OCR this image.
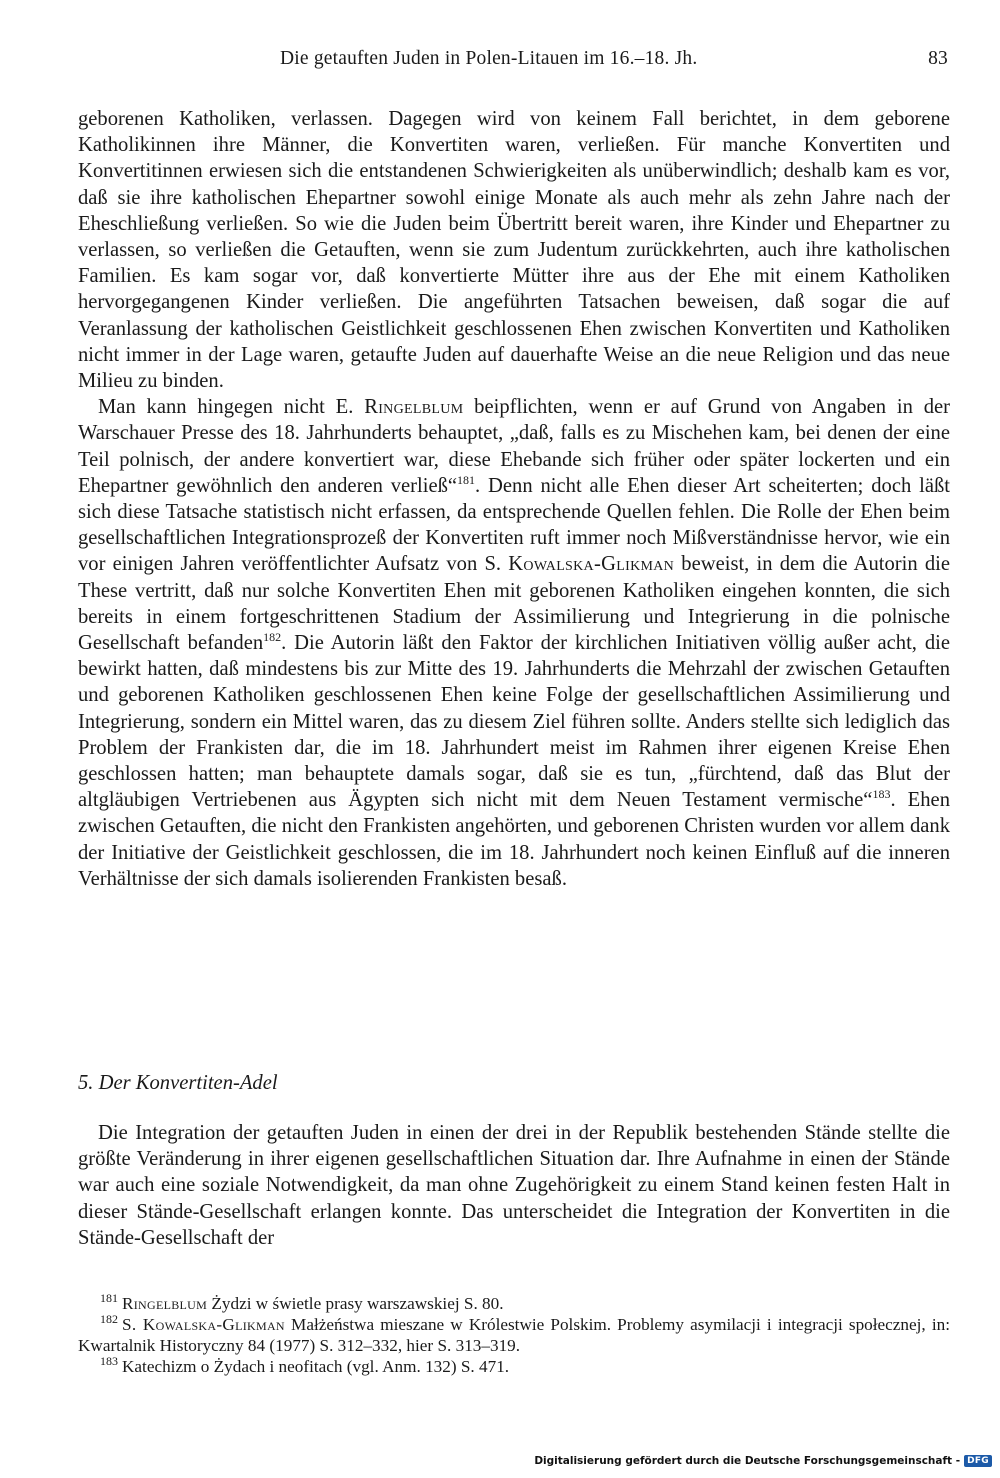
Die getauften Juden in Polen-Litauen im 16.–18. Jh.	83

geborenen Katholiken, verlassen. Dagegen wird von keinem Fall berichtet, in dem geborene Katholikinnen ihre Männer, die Konvertiten waren, verließen. Für manche Konvertiten und Konvertitinnen erwiesen sich die entstandenen Schwierigkeiten als unüberwindlich; deshalb kam es vor, daß sie ihre katholischen Ehepartner sowohl einige Monate als auch mehr als zehn Jahre nach der Eheschließung verließen. So wie die Juden beim Übertritt bereit waren, ihre Kinder und Ehepartner zu verlassen, so verließen die Getauften, wenn sie zum Judentum zurückkehrten, auch ihre katholischen Familien. Es kam sogar vor, daß konvertierte Mütter ihre aus der Ehe mit einem Katholiken hervorgegangenen Kinder verließen. Die angeführten Tatsachen beweisen, daß sogar die auf Veranlassung der katholischen Geistlichkeit geschlossenen Ehen zwischen Konvertiten und Katholiken nicht immer in der Lage waren, getaufte Juden auf dauerhafte Weise an die neue Religion und das neue Milieu zu binden.

Man kann hingegen nicht E. Ringelblum beipflichten, wenn er auf Grund von Angaben in der Warschauer Presse des 18. Jahrhunderts behauptet, „daß, falls es zu Mischehen kam, bei denen der eine Teil polnisch, der andere konvertiert war, diese Ehebande sich früher oder später lockerten und ein Ehepartner gewöhnlich den anderen verließ“$^{181}$. Denn nicht alle Ehen dieser Art scheiterten; doch läßt sich diese Tatsache statistisch nicht erfassen, da entsprechende Quellen fehlen. Die Rolle der Ehen beim gesellschaftlichen Integrationsprozeß der Konvertiten ruft immer noch Mißverständnisse hervor, wie ein vor einigen Jahren veröffentlichter Aufsatz von S. Kowalska-Glikman beweist, in dem die Autorin die These vertritt, daß nur solche Konvertiten Ehen mit geborenen Katholiken eingehen konnten, die sich bereits in einem fortgeschrittenen Stadium der Assimilierung und Integrierung in die polnische Gesellschaft befanden$^{182}$. Die Autorin läßt den Faktor der kirchlichen Initiativen völlig außer acht, die bewirkt hatten, daß mindestens bis zur Mitte des 19. Jahrhunderts die Mehrzahl der zwischen Getauften und geborenen Katholiken geschlossenen Ehen keine Folge der gesellschaftlichen Assimilierung und Integrierung, sondern ein Mittel waren, das zu diesem Ziel führen sollte. Anders stellte sich lediglich das Problem der Frankisten dar, die im 18. Jahrhundert meist im Rahmen ihrer eigenen Kreise Ehen geschlossen hatten; man behauptete damals sogar, daß sie es tun, „fürchtend, daß das Blut der altgläubigen Vertriebenen aus Ägypten sich nicht mit dem Neuen Testament vermische“$^{183}$. Ehen zwischen Getauften, die nicht den Frankisten angehörten, und geborenen Christen wurden vor allem dank der Initiative der Geistlichkeit geschlossen, die im 18. Jahrhundert noch keinen Einfluß auf die inneren Verhältnisse der sich damals isolierenden Frankisten besaß.

5. Der Konvertiten-Adel

Die Integration der getauften Juden in einen der drei in der Republik bestehenden Stände stellte die größte Veränderung in ihrer eigenen gesellschaftlichen Situation dar. Ihre Aufnahme in einen der Stände war auch eine soziale Notwendigkeit, da man ohne Zugehörigkeit zu einem Stand keinen festen Halt in dieser Stände-Gesellschaft erlangen konnte. Das unterscheidet die Integration der Konvertiten in die Stände-Gesellschaft der

$^{181}$ Ringelblum Żydzi w świetle prasy warszawskiej S. 80.

$^{182}$ S. Kowalska-Glikman Małżeństwa mieszane w Królestwie Polskim. Problemy asymilacji i integracji społecznej, in: Kwartalnik Historyczny 84 (1977) S. 312–332, hier S. 313–319.

$^{183}$ Katechizm o Żydach i neofitach (vgl. Anm. 132) S. 471.

Digitalisierung gefördert durch die Deutsche Forschungsgemeinschaft - DFG
